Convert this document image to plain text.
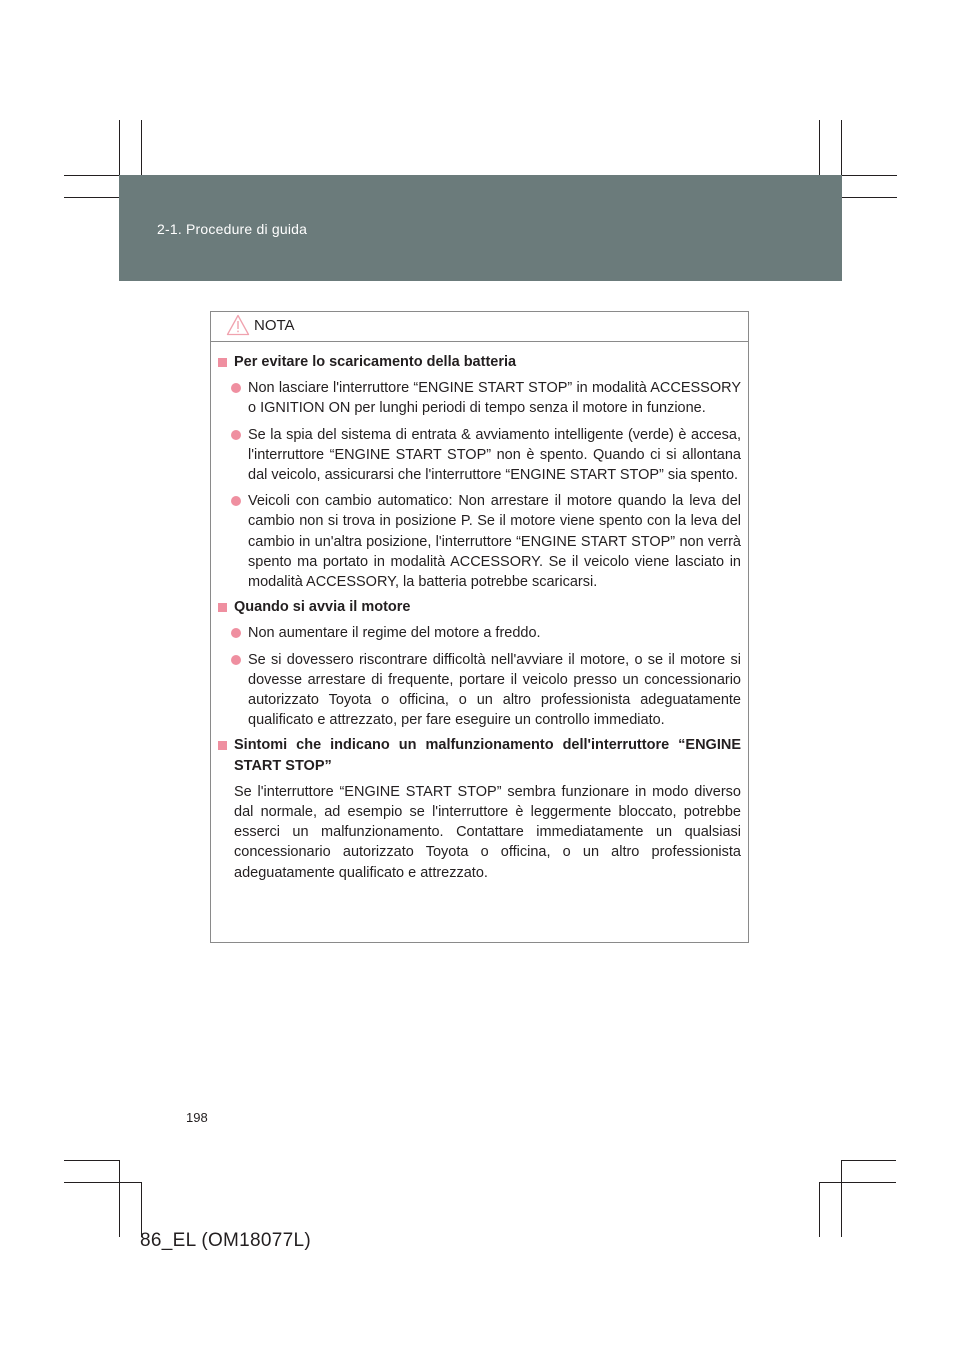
2-1. Procedure di guida
NOTA
Per evitare lo scaricamento della batteria
Non lasciare l'interruttore “ENGINE START STOP” in modalità ACCESSORY o IGNITION ON per lunghi periodi di tempo senza il motore in funzione.
Se la spia del sistema di entrata & avviamento intelligente (verde) è accesa, l'interruttore “ENGINE START STOP” non è spento. Quando ci si allontana dal veicolo, assicurarsi che l'interruttore “ENGINE START STOP” sia spento.
Veicoli con cambio automatico: Non arrestare il motore quando la leva del cambio non si trova in posizione P. Se il motore viene spento con la leva del cambio in un'altra posizione, l'interruttore “ENGINE START STOP” non verrà spento ma portato in modalità ACCESSORY. Se il veicolo viene lasciato in modalità ACCESSORY, la batteria potrebbe scaricarsi.
Quando si avvia il motore
Non aumentare il regime del motore a freddo.
Se si dovessero riscontrare difficoltà nell'avviare il motore, o se il motore si dovesse arrestare di frequente, portare il veicolo presso un concessionario autorizzato Toyota o officina, o un altro professionista adeguatamente qualificato e attrezzato, per fare eseguire un controllo immediato.
Sintomi che indicano un malfunzionamento dell'interruttore “ENGINE START STOP”
Se l'interruttore “ENGINE START STOP” sembra funzionare in modo diverso dal normale, ad esempio se l'interruttore è leggermente bloccato, potrebbe esserci un malfunzionamento. Contattare immediatamente un qualsiasi concessionario autorizzato Toyota o officina, o un altro professionista adeguatamente qualificato e attrezzato.
198
86_EL (OM18077L)
